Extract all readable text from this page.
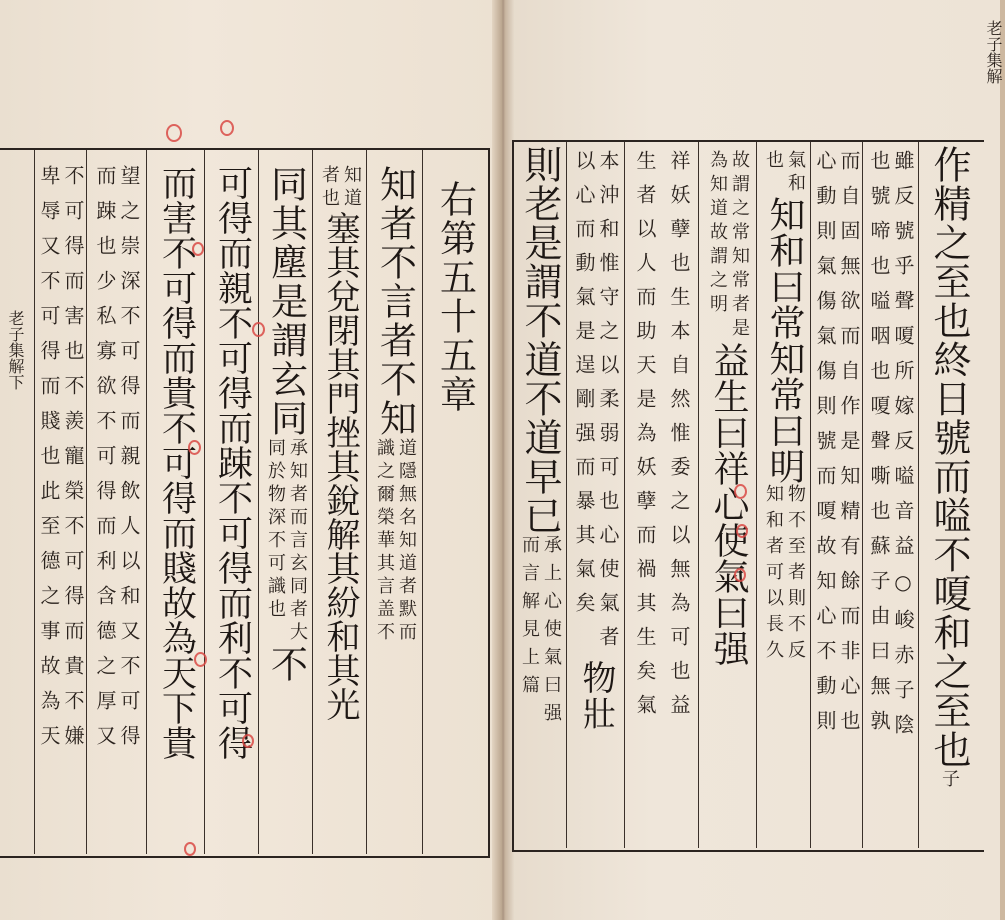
右第五十五章
知者不言者不知
道隱無名知道者默而
識之爾榮華其言盖不
知道
者也
塞其兌閉其門挫其銳解其紛和其光
同其塵是謂玄同
承知者而言玄同者大
同於物深不可識也
不
可得而親不可得而踈不可得而利不可得
而害不可得而貴不可得而賤故為天下貴
望之崇深不可得而親飲人以和又不可得
而踈也少私寡欲不可得而利含德之厚又
不可得而害也不羨寵榮不可得而貴不嫌
卑辱又不可得而賤也此至德之事故為天
老子集解下	作精之至也終日號而嗌不嗄和之至也
子
雖反號乎聲嗄所嫁反嗌音益○峻赤子陰
也號啼也嗌咽也嗄聲嘶也蘇子由曰無孰
而自固無欲而自作是知精有餘而非心也
心動則氣傷氣傷則號而嗄故知心不動則
氣和
也
知和曰常知常曰明
物不至者則不反
知和者可以長久
故謂之常知常者是
為知道故謂之明
益生曰祥心使氣曰强
祥妖孽也生本自然惟委之以無為可也益
生者以人而助天是為妖孽而禍其生矣氣
本沖和惟守之以柔弱可也心使氣者
以心而動氣是逞剛强而暴其氣矣
物壯
則老是謂不道不道早已
承上心使氣曰强
而言解見上篇
老子集解
